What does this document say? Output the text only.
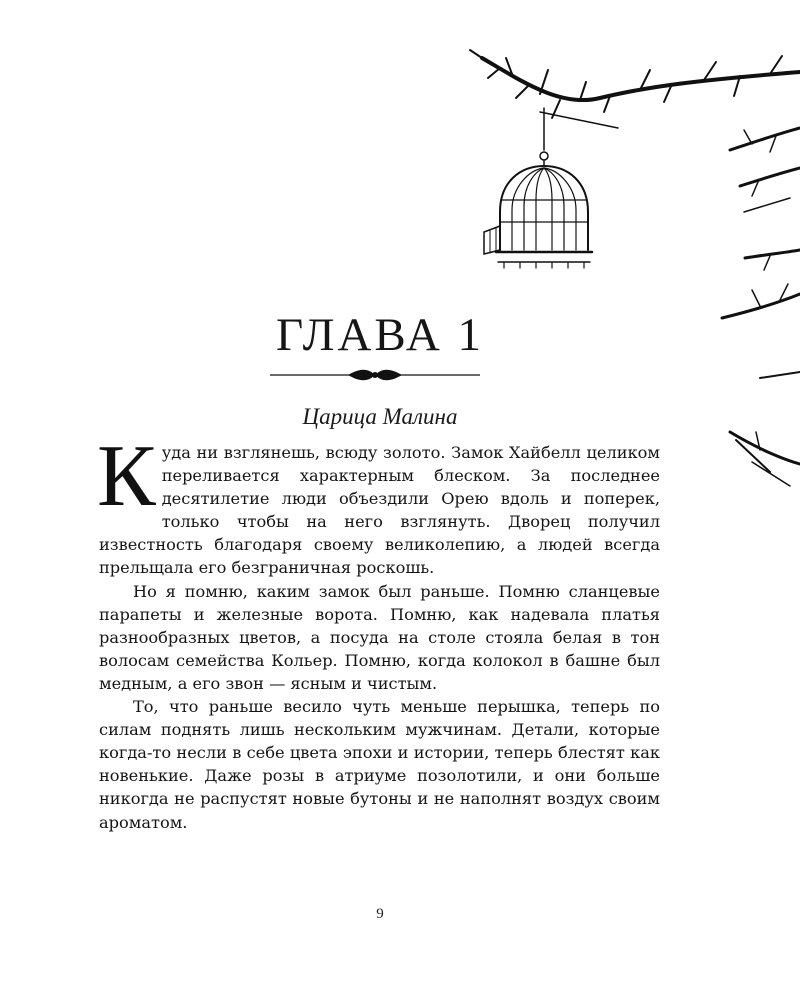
ГЛАВА 1
Царица Малина

Куда ни взглянешь, всюду золото. Замок Хайбелл целиком переливается характерным блеском. За последнее десятилетие люди объездили Орею вдоль и поперек, только чтобы на него взглянуть. Дворец получил известность благодаря своему великолепию, а людей всегда прельщала его безграничная роскошь.

Но я помню, каким замок был раньше. Помню сланцевые парапеты и железные ворота. Помню, как надевала платья разнообразных цветов, а посуда на столе стояла белая в тон волосам семейства Кольер. Помню, когда колокол в башне был медным, а его звон — ясным и чистым.

То, что раньше весило чуть меньше перышка, теперь по силам поднять лишь нескольким мужчинам. Детали, которые когда-то несли в себе цвета эпохи и истории, теперь блестят как новенькие. Даже розы в атриуме позолотили, и они больше никогда не распустят новые бутоны и не наполнят воздух своим ароматом.

9
